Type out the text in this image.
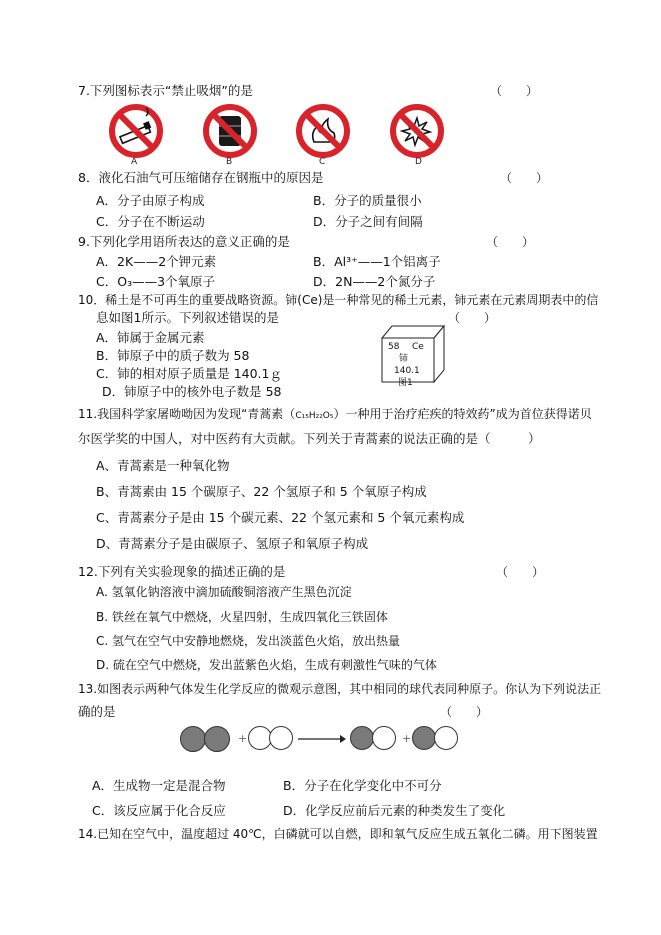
7.下列图标表示“禁止吸烟”的是	（　　）
A	B	C	D
8．液化石油气可压缩储存在钢瓶中的原因是	（　　）
A．分子由原子构成	B．分子的质量很小
C．分子在不断运动	D．分子之间有间隔
9.下列化学用语所表达的意义正确的是	（　　）
A．2K——2个钾元素	B．Al³⁺——1个铝离子
C．O₃——3个氧原子	D．2N——2个氮分子
10．稀土是不可再生的重要战略资源。铈(Ce)是一种常见的稀土元素，铈元素在元素周期表中的信
息如图1所示。下列叙述错误的是	（　　）
A．铈属于金属元素
B．铈原子中的质子数为 58
C．铈的相对原子质量是 140.1ｇ
D．铈原子中的核外电子数是 58
58 Ce
铈
140.1
图1
11.我国科学家屠呦呦因为发现“青蒿素（C₁₅H₂₂O₅）一种用于治疗疟疾的特效药”成为首位获得诺贝
尔医学奖的中国人，对中医药有大贡献。下列关于青蒿素的说法正确的是（　　　）
A、青蒿素是一种氧化物
B、青蒿素由 15 个碳原子、22 个氢原子和 5 个氧原子构成
C、青蒿素分子是由 15 个碳元素、22 个氢元素和 5 个氧元素构成
D、青蒿素分子是由碳原子、氢原子和氧原子构成
12.下列有关实验现象的描述正确的是	（　　）
A. 氢氧化钠溶液中滴加硫酸铜溶液产生黑色沉淀
B. 铁丝在氧气中燃烧，火星四射，生成四氧化三铁固体
C. 氢气在空气中安静地燃烧，发出淡蓝色火焰，放出热量
D. 硫在空气中燃烧，发出蓝紫色火焰，生成有刺激性气味的气体
13.如图表示两种气体发生化学反应的微观示意图，其中相同的球代表同种原子。你认为下列说法正
确的是	（　　）
+	+
A．生成物一定是混合物	B．分子在化学变化中不可分
C．该反应属于化合反应	D．化学反应前后元素的种类发生了变化
14.已知在空气中，温度超过 40℃，白磷就可以自燃，即和氧气反应生成五氧化二磷。用下图装置
